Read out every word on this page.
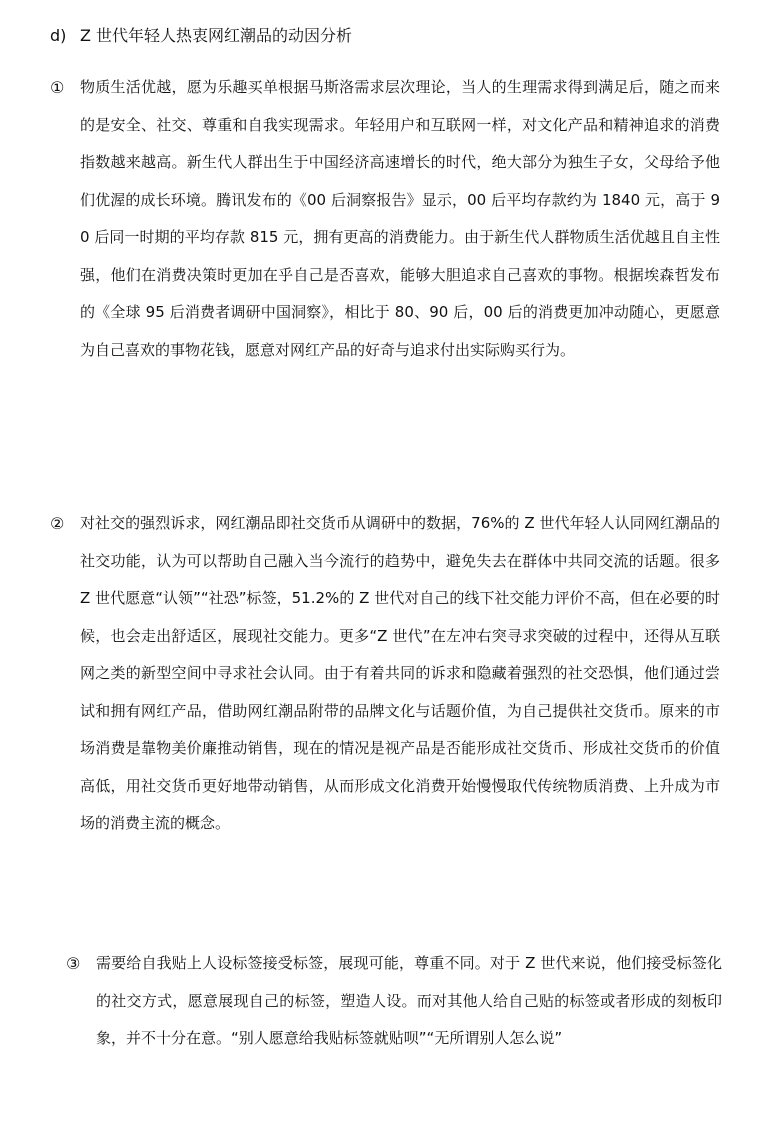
d) Z 世代年轻人热衷网红潮品的动因分析
①	物质生活优越，愿为乐趣买单根据马斯洛需求层次理论，当人的生理需求得到满足后，随之而来的是安全、社交、尊重和自我实现需求。年轻用户和互联网一样，对文化产品和精神追求的消费指数越来越高。新生代人群出生于中国经济高速增长的时代，绝大部分为独生子女，父母给予他们优渥的成长环境。腾讯发布的《00 后洞察报告》显示，00 后平均存款约为 1840 元，高于 90 后同一时期的平均存款 815 元，拥有更高的消费能力。由于新生代人群物质生活优越且自主性强，他们在消费决策时更加在乎自己是否喜欢，能够大胆追求自己喜欢的事物。根据埃森哲发布的《全球 95 后消费者调研中国洞察》，相比于 80、90 后，00 后的消费更加冲动随心，更愿意为自己喜欢的事物花钱，愿意对网红产品的好奇与追求付出实际购买行为。
②	对社交的强烈诉求，网红潮品即社交货币从调研中的数据，76%的 Z 世代年轻人认同网红潮品的社交功能，认为可以帮助自己融入当今流行的趋势中，避免失去在群体中共同交流的话题。很多 Z 世代愿意“认领”“社恐”标签，51.2%的 Z 世代对自己的线下社交能力评价不高，但在必要的时候，也会走出舒适区，展现社交能力。更多“Z 世代”在左冲右突寻求突破的过程中，还得从互联网之类的新型空间中寻求社会认同。由于有着共同的诉求和隐藏着强烈的社交恐惧，他们通过尝试和拥有网红产品，借助网红潮品附带的品牌文化与话题价值，为自己提供社交货币。原来的市场消费是靠物美价廉推动销售，现在的情况是视产品是否能形成社交货币、形成社交货币的价值高低，用社交货币更好地带动销售，从而形成文化消费开始慢慢取代传统物质消费、上升成为市场的消费主流的概念。
③	需要给自我贴上人设标签接受标签，展现可能，尊重不同。对于 Z 世代来说，他们接受标签化的社交方式，愿意展现自己的标签，塑造人设。而对其他人给自己贴的标签或者形成的刻板印象，并不十分在意。“别人愿意给我贴标签就贴呗”“无所谓别人怎么说”
